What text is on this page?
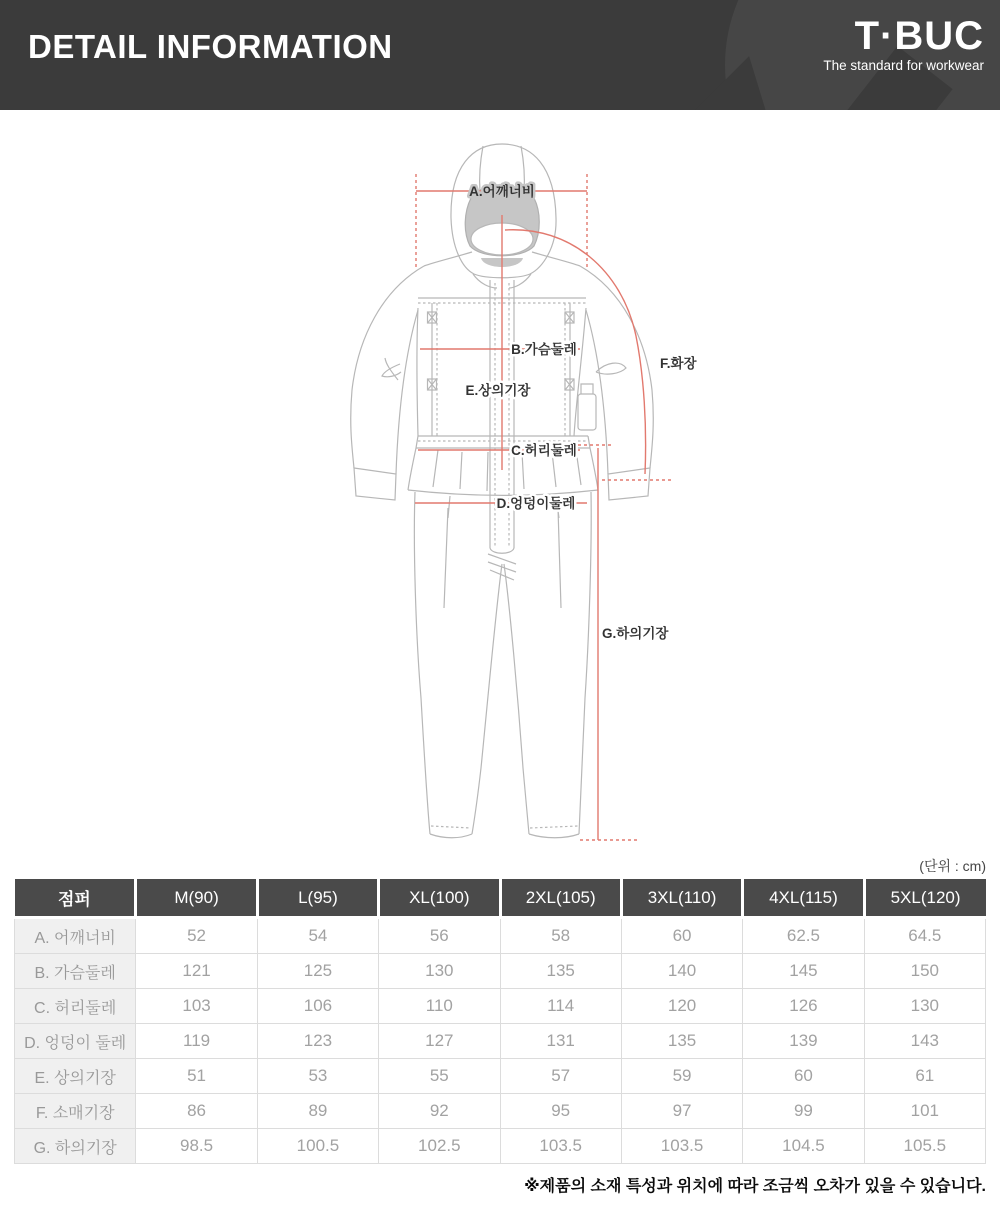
DETAIL INFORMATION	T·BUC
The standard for workwear
A.어깨너비
B.가슴둘레
E.상의기장
C.허리둘레
D.엉덩이둘레
F.화장
G.하의기장
(단위 : cm)
점퍼	M(90)	L(95)	XL(100)	2XL(105)	3XL(110)	4XL(115)	5XL(120)
A. 어깨너비	52	54	56	58	60	62.5	64.5
B. 가슴둘레	121	125	130	135	140	145	150
C. 허리둘레	103	106	110	114	120	126	130
D. 엉덩이 둘레	119	123	127	131	135	139	143
E. 상의기장	51	53	55	57	59	60	61
F. 소매기장	86	89	92	95	97	99	101
G. 하의기장	98.5	100.5	102.5	103.5	103.5	104.5	105.5
※제품의 소재 특성과 위치에 따라 조금씩 오차가 있을 수 있습니다.
